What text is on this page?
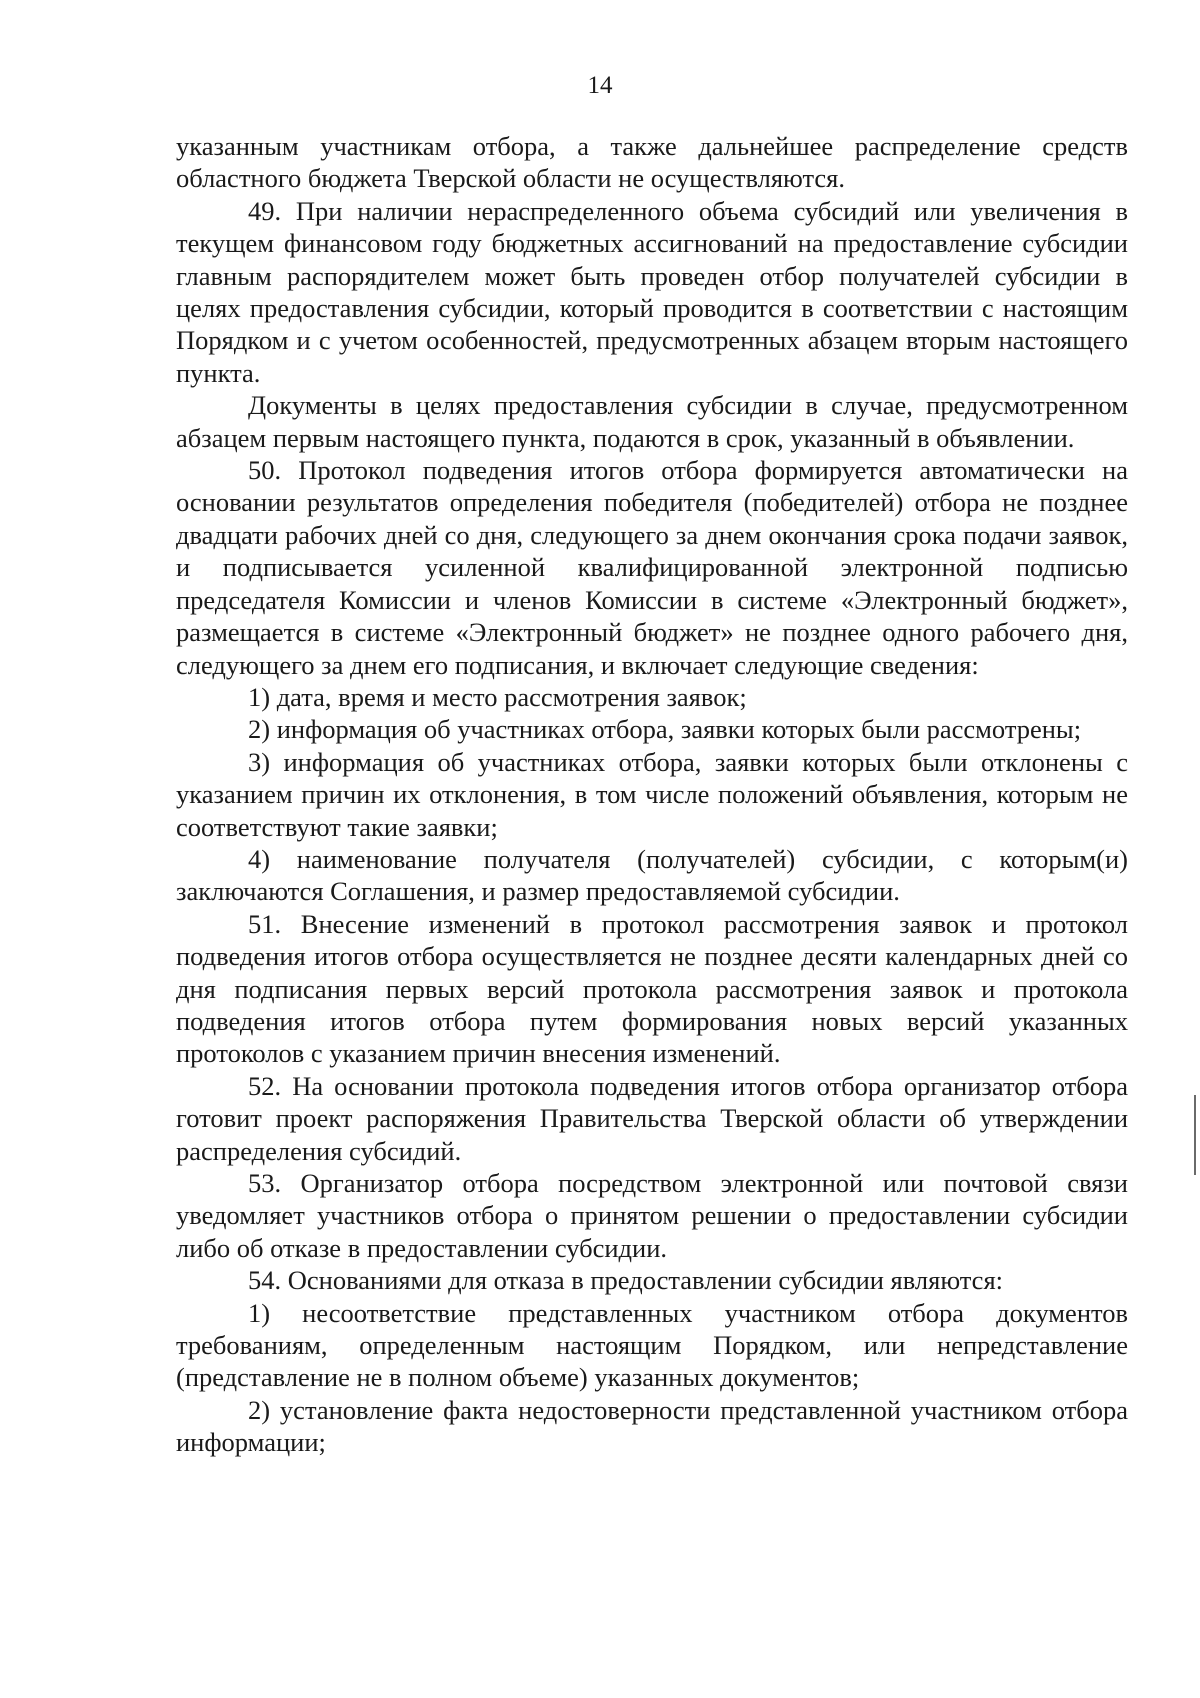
14

указанным участникам отбора, а также дальнейшее распределение средств областного бюджета Тверской области не осуществляются.

49. При наличии нераспределенного объема субсидий или увеличения в текущем финансовом году бюджетных ассигнований на предоставление субсидии главным распорядителем может быть проведен отбор получателей субсидии в целях предоставления субсидии, который проводится в соответствии с настоящим Порядком и с учетом особенностей, предусмотренных абзацем вторым настоящего пункта.

Документы в целях предоставления субсидии в случае, предусмотренном абзацем первым настоящего пункта, подаются в срок, указанный в объявлении.

50. Протокол подведения итогов отбора формируется автоматически на основании результатов определения победителя (победителей) отбора не позднее двадцати рабочих дней со дня, следующего за днем окончания срока подачи заявок, и подписывается усиленной квалифицированной электронной подписью председателя Комиссии и членов Комиссии в системе «Электронный бюджет», размещается в системе «Электронный бюджет» не позднее одного рабочего дня, следующего за днем его подписания, и включает следующие сведения:

1) дата, время и место рассмотрения заявок;

2) информация об участниках отбора, заявки которых были рассмотрены;

3) информация об участниках отбора, заявки которых были отклонены с указанием причин их отклонения, в том числе положений объявления, которым не соответствуют такие заявки;

4) наименование получателя (получателей) субсидии, с которым(и) заключаются Соглашения, и размер предоставляемой субсидии.

51. Внесение изменений в протокол рассмотрения заявок и протокол подведения итогов отбора осуществляется не позднее десяти календарных дней со дня подписания первых версий протокола рассмотрения заявок и протокола подведения итогов отбора путем формирования новых версий указанных протоколов с указанием причин внесения изменений.

52. На основании протокола подведения итогов отбора организатор отбора готовит проект распоряжения Правительства Тверской области об утверждении распределения субсидий.

53. Организатор отбора посредством электронной или почтовой связи уведомляет участников отбора о принятом решении о предоставлении субсидии либо об отказе в предоставлении субсидии.

54. Основаниями для отказа в предоставлении субсидии являются:

1) несоответствие представленных участником отбора документов требованиям, определенным настоящим Порядком, или непредставление (представление не в полном объеме) указанных документов;

2) установление факта недостоверности представленной участником отбора информации;
